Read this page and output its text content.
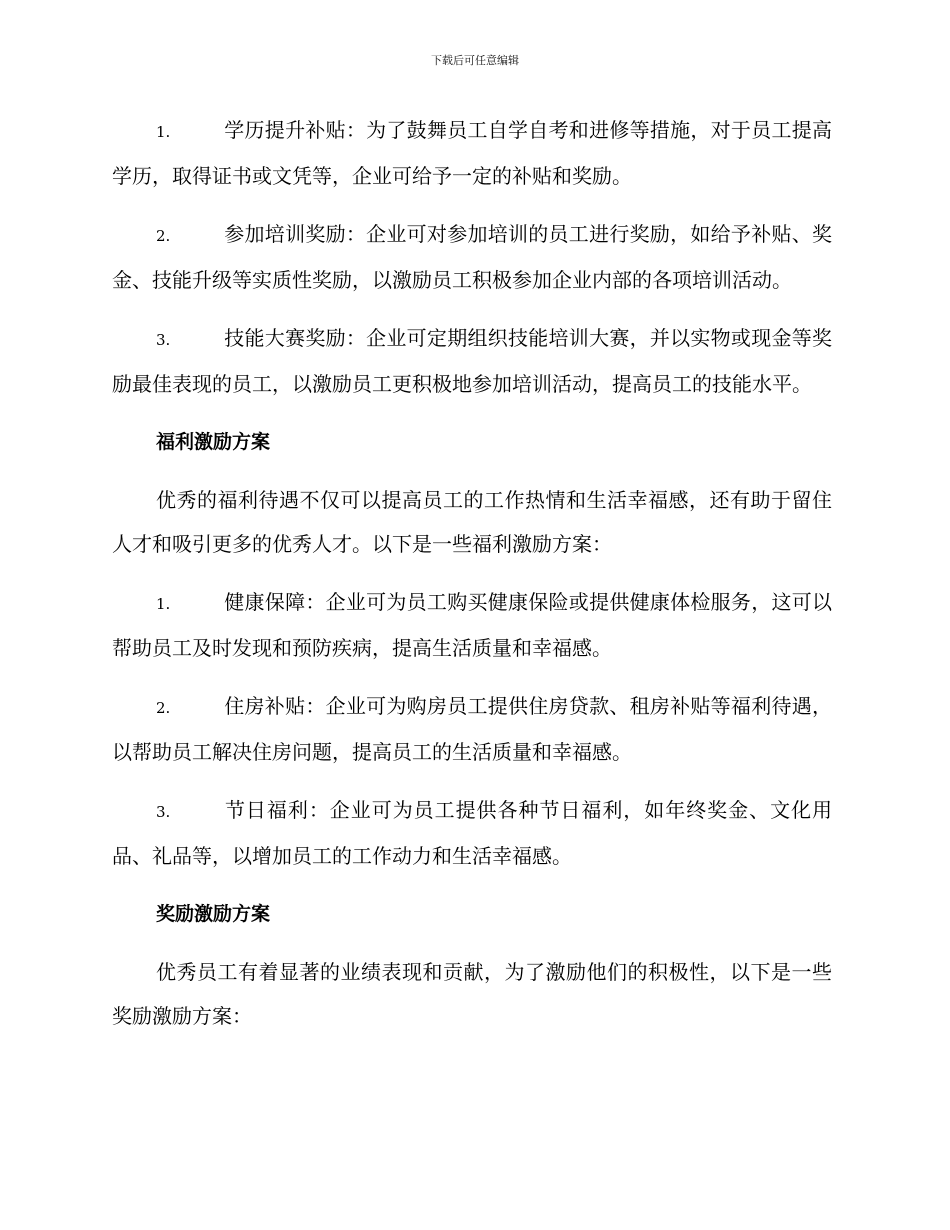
下载后可任意编辑

1.	学历提升补贴：为了鼓舞员工自学自考和进修等措施，对于员工提高学历，取得证书或文凭等，企业可给予一定的补贴和奖励。

2.	参加培训奖励：企业可对参加培训的员工进行奖励，如给予补贴、奖金、技能升级等实质性奖励，以激励员工积极参加企业内部的各项培训活动。

3.	技能大赛奖励：企业可定期组织技能培训大赛，并以实物或现金等奖励最佳表现的员工，以激励员工更积极地参加培训活动，提高员工的技能水平。

福利激励方案

优秀的福利待遇不仅可以提高员工的工作热情和生活幸福感，还有助于留住人才和吸引更多的优秀人才。以下是一些福利激励方案：

1.	健康保障：企业可为员工购买健康保险或提供健康体检服务，这可以帮助员工及时发现和预防疾病，提高生活质量和幸福感。

2.	住房补贴：企业可为购房员工提供住房贷款、租房补贴等福利待遇，以帮助员工解决住房问题，提高员工的生活质量和幸福感。

3.	节日福利：企业可为员工提供各种节日福利，如年终奖金、文化用品、礼品等，以增加员工的工作动力和生活幸福感。

奖励激励方案

优秀员工有着显著的业绩表现和贡献，为了激励他们的积极性，以下是一些奖励激励方案：
